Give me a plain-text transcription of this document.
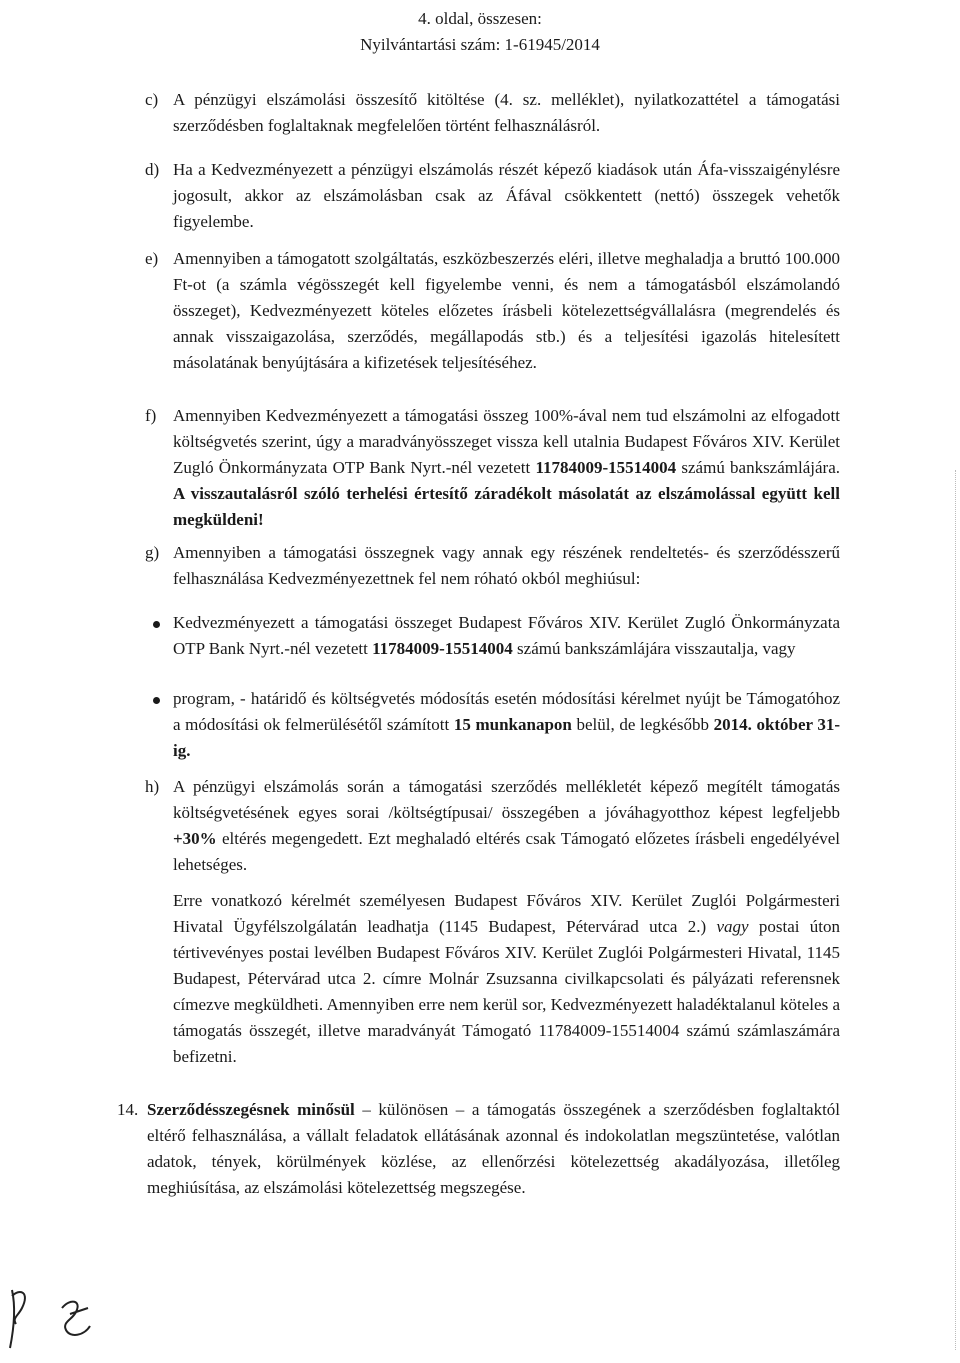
4. oldal, összesen:
Nyilvántartási szám: 1-61945/2014
c) A pénzügyi elszámolási összesítő kitöltése (4. sz. melléklet), nyilatkozattétel a támogatási szerződésben foglaltaknak megfelelően történt felhasználásról.
d) Ha a Kedvezményezett a pénzügyi elszámolás részét képező kiadások után Áfa-visszaigénylésre jogosult, akkor az elszámolásban csak az Áfával csökkentett (nettó) összegek vehetők figyelembe.
e) Amennyiben a támogatott szolgáltatás, eszközbeszerzés eléri, illetve meghaladja a bruttó 100.000 Ft-ot (a számla végösszegét kell figyelembe venni, és nem a támogatásból elszámolandó összeget), Kedvezményezett köteles előzetes írásbeli kötelezettségvállalásra (megrendelés és annak visszaigazolása, szerződés, megállapodás stb.) és a teljesítési igazolás hitelesített másolatának benyújtására a kifizetések teljesítéséhez.
f) Amennyiben Kedvezményezett a támogatási összeg 100%-ával nem tud elszámolni az elfogadott költségvetés szerint, úgy a maradványösszeget vissza kell utalnia Budapest Főváros XIV. Kerület Zugló Önkormányzata OTP Bank Nyrt.-nél vezetett 11784009-15514004 számú bankszámlájára. A visszautalásról szóló terhelési értesítő záradékolt másolatát az elszámolással együtt kell megküldeni!
g) Amennyiben a támogatási összegnek vagy annak egy részének rendeltetés- és szerződésszerű felhasználása Kedvezményezettnek fel nem róható okból meghiúsul:
Kedvezményezett a támogatási összeget Budapest Főváros XIV. Kerület Zugló Önkormányzata OTP Bank Nyrt.-nél vezetett 11784009-15514004 számú bankszámlájára visszautalja, vagy
program, - határidő és költségvetés módosítás esetén módosítási kérelmet nyújt be Támogatóhoz a módosítási ok felmerülésétől számított 15 munkanapon belül, de legkésőbb 2014. október 31-ig.
h) A pénzügyi elszámolás során a támogatási szerződés mellékletét képező megítélt támogatás költségvetésének egyes sorai /költségtípusai/ összegében a jóváhagyotthoz képest legfeljebb +30% eltérés megengedett. Ezt meghaladó eltérés csak Támogató előzetes írásbeli engedélyével lehetséges.
Erre vonatkozó kérelmét személyesen Budapest Főváros XIV. Kerület Zuglói Polgármesteri Hivatal Ügyfélszolgálatán leadhatja (1145 Budapest, Pétervárad utca 2.) vagy postai úton tértivevényes postai levélben Budapest Főváros XIV. Kerület Zuglói Polgármesteri Hivatal, 1145 Budapest, Pétervárad utca 2. címre Molnár Zsuzsanna civilkapcsolati és pályázati referensnek címezve megküldheti. Amennyiben erre nem kerül sor, Kedvezményezett haladéktalanul köteles a támogatás összegét, illetve maradványát Támogató 11784009-15514004 számú számlaszámára befizetni.
14. Szerződésszegésnek minősül – különösen – a támogatás összegének a szerződésben foglaltaktól eltérő felhasználása, a vállalt feladatok ellátásának azonnal és indokolatlan megszüntetése, valótlan adatok, tények, körülmények közlése, az ellenőrzési kötelezettség akadályozása, illetőleg meghiúsítása, az elszámolási kötelezettség megszegése.
